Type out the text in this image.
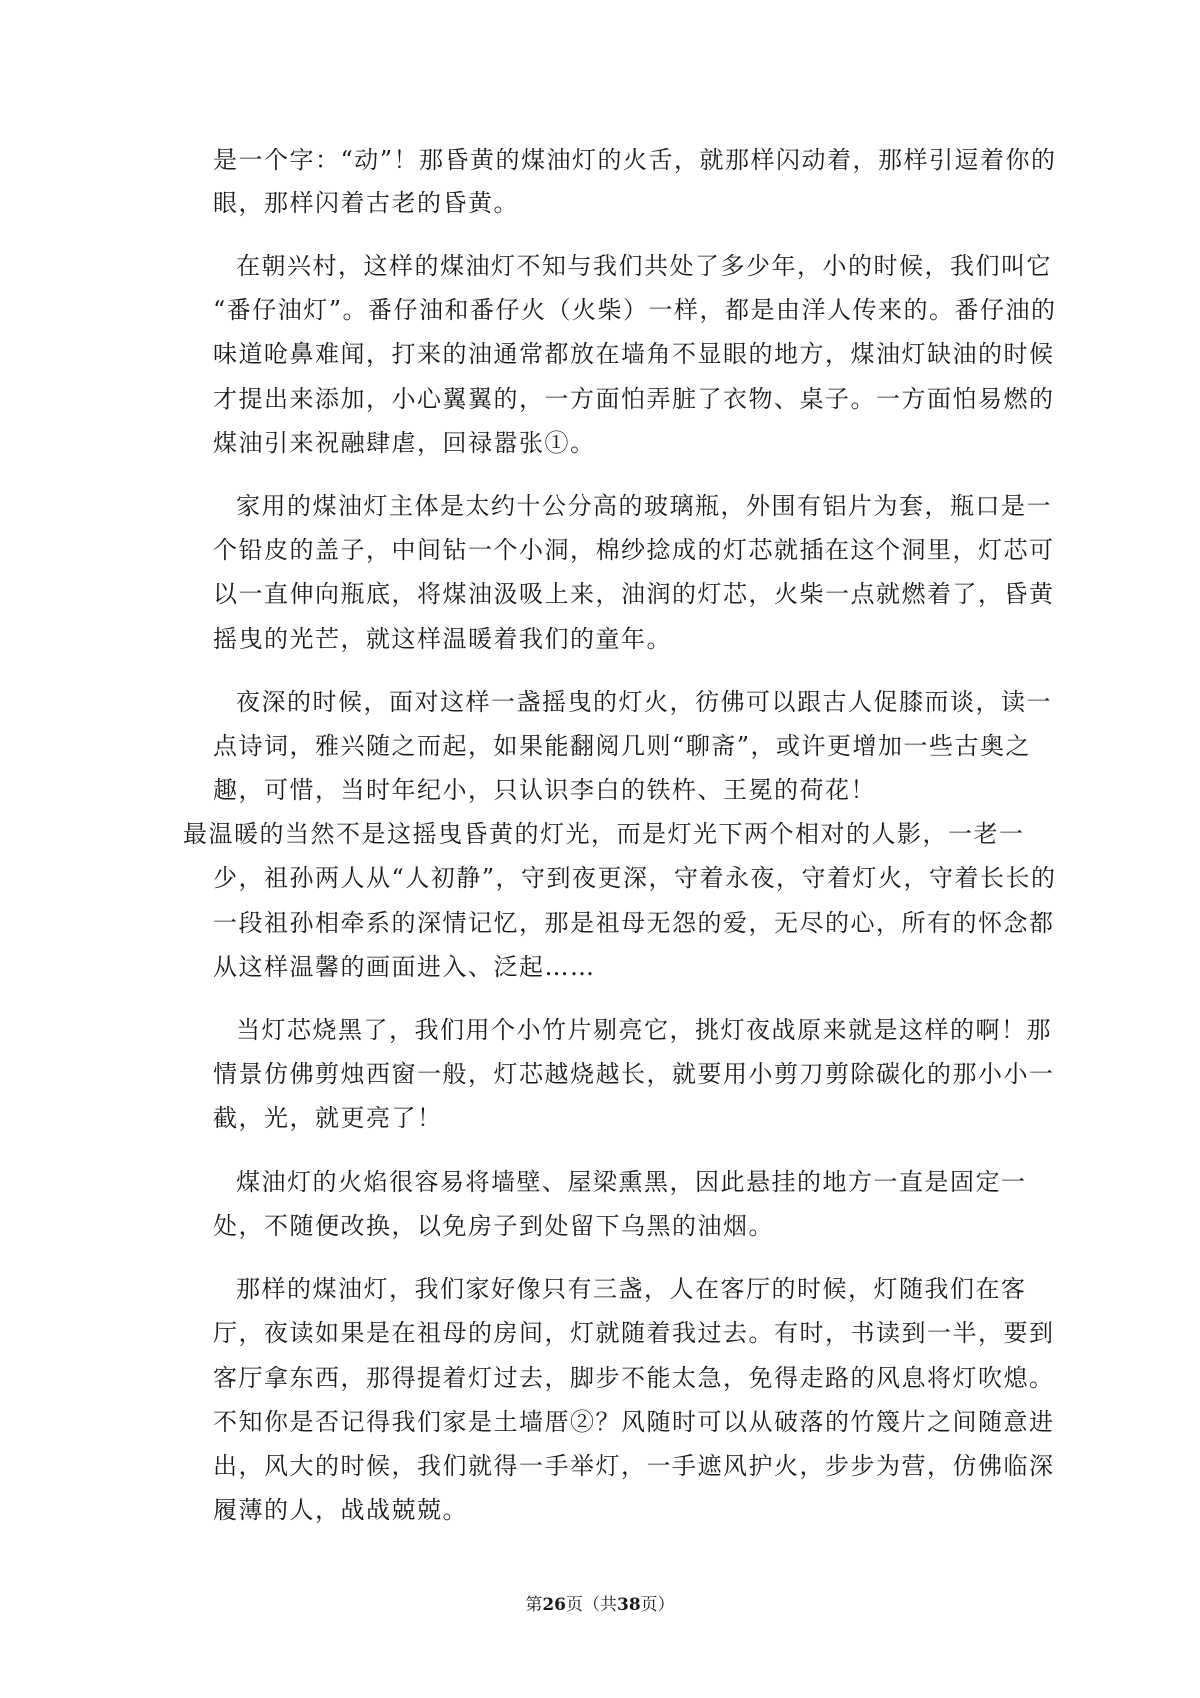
是一个字：“动”！那昏黄的煤油灯的火舌，就那样闪动着，那样引逗着你的
眼，那样闪着古老的昏黄。
在朝兴村，这样的煤油灯不知与我们共处了多少年，小的时候，我们叫它
“番仔油灯”。番仔油和番仔火（火柴）一样，都是由洋人传来的。番仔油的
味道呛鼻难闻，打来的油通常都放在墙角不显眼的地方，煤油灯缺油的时候
才提出来添加，小心翼翼的，一方面怕弄脏了衣物、桌子。一方面怕易燃的
煤油引来祝融肆虐，回禄嚣张①。
家用的煤油灯主体是太约十公分高的玻璃瓶，外围有铝片为套，瓶口是一
个铅皮的盖子，中间钻一个小洞，棉纱捻成的灯芯就插在这个洞里，灯芯可
以一直伸向瓶底，将煤油汲吸上来，油润的灯芯，火柴一点就燃着了，昏黄
摇曳的光芒，就这样温暖着我们的童年。
夜深的时候，面对这样一盏摇曳的灯火，彷佛可以跟古人促膝而谈，读一
点诗词，雅兴随之而起，如果能翻阅几则“聊斋”，或许更增加一些古奥之
趣，可惜，当时年纪小，只认识李白的铁杵、王冕的荷花！
最温暖的当然不是这摇曳昏黄的灯光，而是灯光下两个相对的人影，一老一
少，祖孙两人从“人初静”，守到夜更深，守着永夜，守着灯火，守着长长的
一段祖孙相牵系的深情记忆，那是祖母无怨的爱，无尽的心，所有的怀念都
从这样温馨的画面进入、泛起……
当灯芯烧黑了，我们用个小竹片剔亮它，挑灯夜战原来就是这样的啊！那
情景仿佛剪烛西窗一般，灯芯越烧越长，就要用小剪刀剪除碳化的那小小一
截，光，就更亮了！
煤油灯的火焰很容易将墙壁、屋梁熏黑，因此悬挂的地方一直是固定一
处，不随便改换，以免房子到处留下乌黑的油烟。
那样的煤油灯，我们家好像只有三盏，人在客厅的时候，灯随我们在客
厅，夜读如果是在祖母的房间，灯就随着我过去。有时，书读到一半，要到
客厅拿东西，那得提着灯过去，脚步不能太急，免得走路的风息将灯吹熄。
不知你是否记得我们家是土墙厝②？风随时可以从破落的竹篾片之间随意进
出，风大的时候，我们就得一手举灯，一手遮风护火，步步为营，仿佛临深
履薄的人，战战兢兢。
第26页（共38页）
